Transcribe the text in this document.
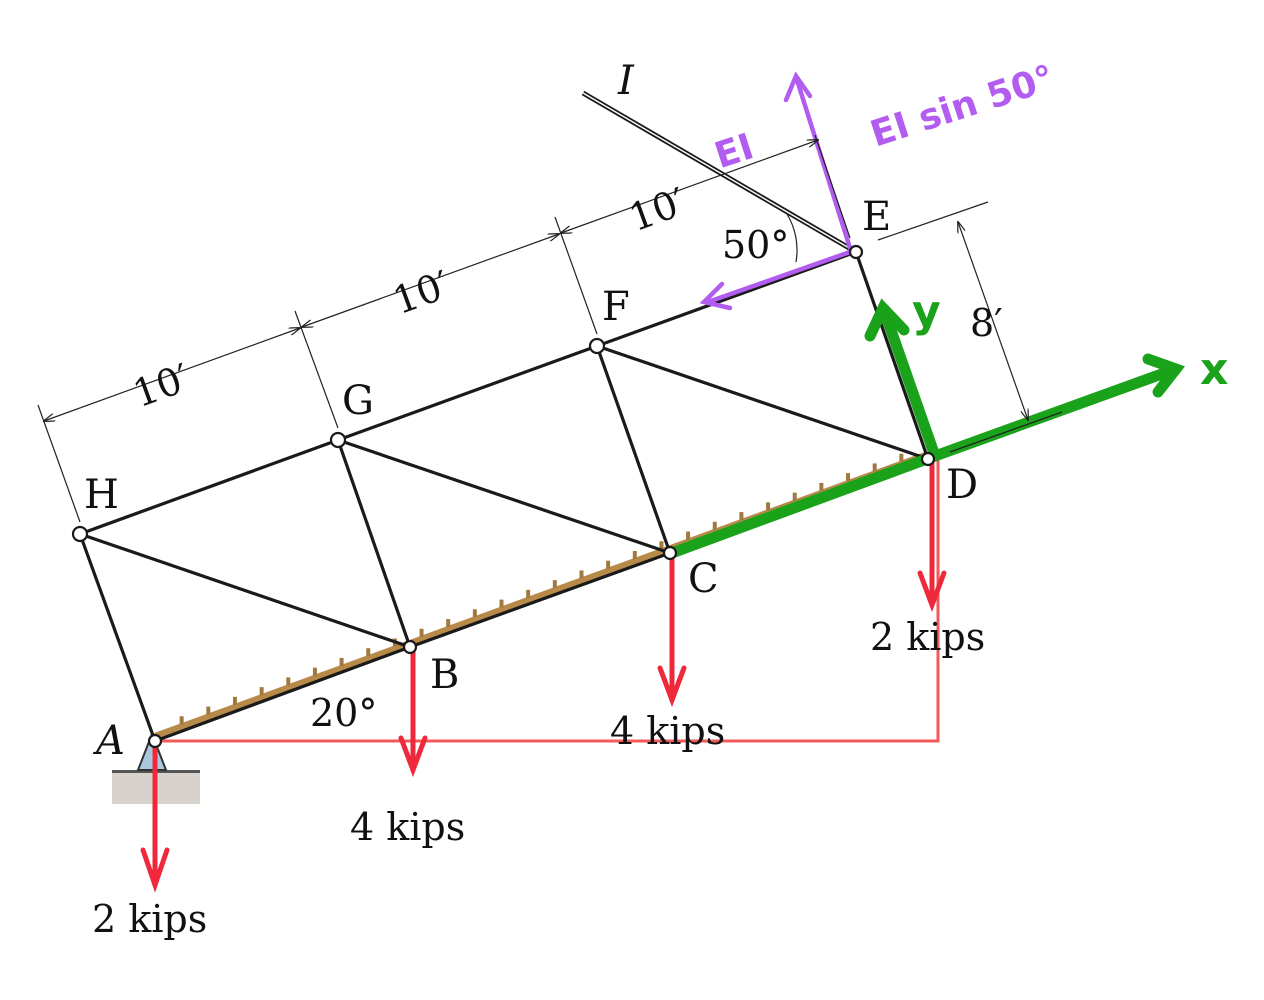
A
B
C
D
E
F
G
H
I
10′
10′
10′
8′
20°
50°
2 kips
4 kips
4 kips
2 kips
EI	EI sin 50°
x
y
